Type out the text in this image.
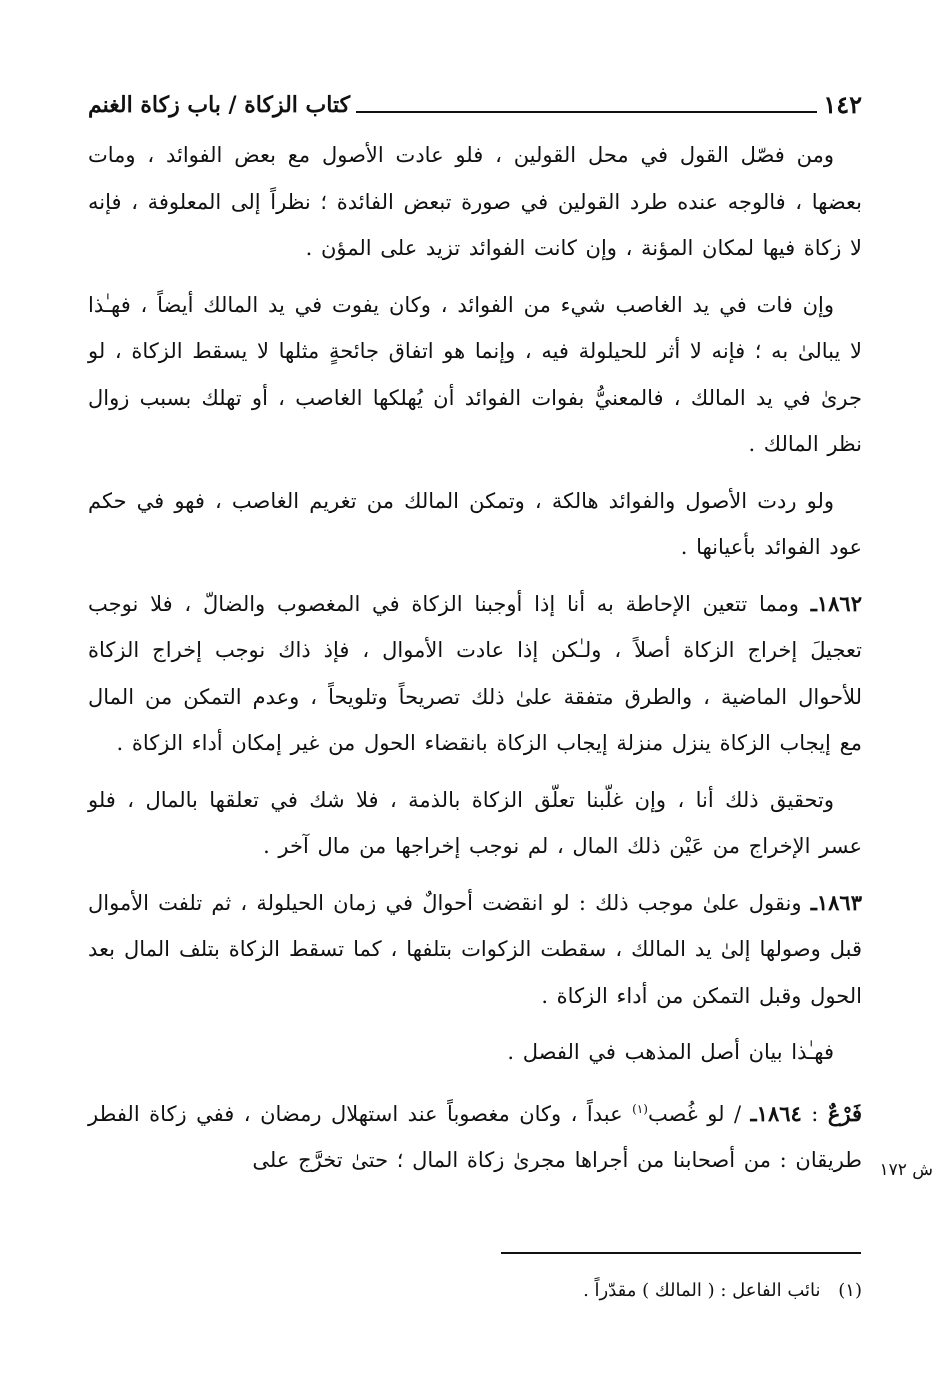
١٤٢
كتاب الزكاة / باب زكاة الغنم

ومن فصّل القول في محل القولين ، فلو عادت الأصول مع بعض الفوائد ، ومات بعضها ، فالوجه عنده طرد القولين في صورة تبعض الفائدة ؛ نظراً إلى المعلوفة ، فإنه لا زكاة فيها لمكان المؤنة ، وإن كانت الفوائد تزيد على المؤن .

وإن فات في يد الغاصب شيء من الفوائد ، وكان يفوت في يد المالك أيضاً ، فهـٰذا لا يبالىٰ به ؛ فإنه لا أثر للحيلولة فيه ، وإنما هو اتفاق جائحةٍ مثلها لا يسقط الزكاة ، لو جرىٰ في يد المالك ، فالمعنيُّ بفوات الفوائد أن يُهلكها الغاصب ، أو تهلك بسبب زوال نظر المالك .

ولو ردت الأصول والفوائد هالكة ، وتمكن المالك من تغريم الغاصب ، فهو في حكم عود الفوائد بأعيانها .

١٨٦٢ـ ومما تتعين الإحاطة به أنا إذا أوجبنا الزكاة في المغصوب والضالّ ، فلا نوجب تعجيلَ إخراج الزكاة أصلاً ، ولـٰكن إذا عادت الأموال ، فإذ ذاك نوجب إخراج الزكاة للأحوال الماضية ، والطرق متفقة علىٰ ذلك تصريحاً وتلويحاً ، وعدم التمكن من المال مع إيجاب الزكاة ينزل منزلة إيجاب الزكاة بانقضاء الحول من غير إمكان أداء الزكاة .

وتحقيق ذلك أنا ، وإن غلّبنا تعلّق الزكاة بالذمة ، فلا شك في تعلقها بالمال ، فلو عسر الإخراج من عَيْن ذلك المال ، لم نوجب إخراجها من مال آخر .

١٨٦٣ـ ونقول علىٰ موجب ذلك : لو انقضت أحوالٌ في زمان الحيلولة ، ثم تلفت الأموال قبل وصولها إلىٰ يد المالك ، سقطت الزكوات بتلفها ، كما تسقط الزكاة بتلف المال بعد الحول وقبل التمكن من أداء الزكاة .

فهـٰذا بيان أصل المذهب في الفصل .

فَرْعٌ : ١٨٦٤ـ / لو غُصب$^{(١)}$ عبداً ، وكان مغصوباً عند استهلال رمضان ، ففي زكاة الفطر طريقان : من أصحابنا من أجراها مجرىٰ زكاة المال ؛ حتىٰ تخرَّج على ش ١٧٢
(١) نائب الفاعل : ( المالك ) مقدّراً .
